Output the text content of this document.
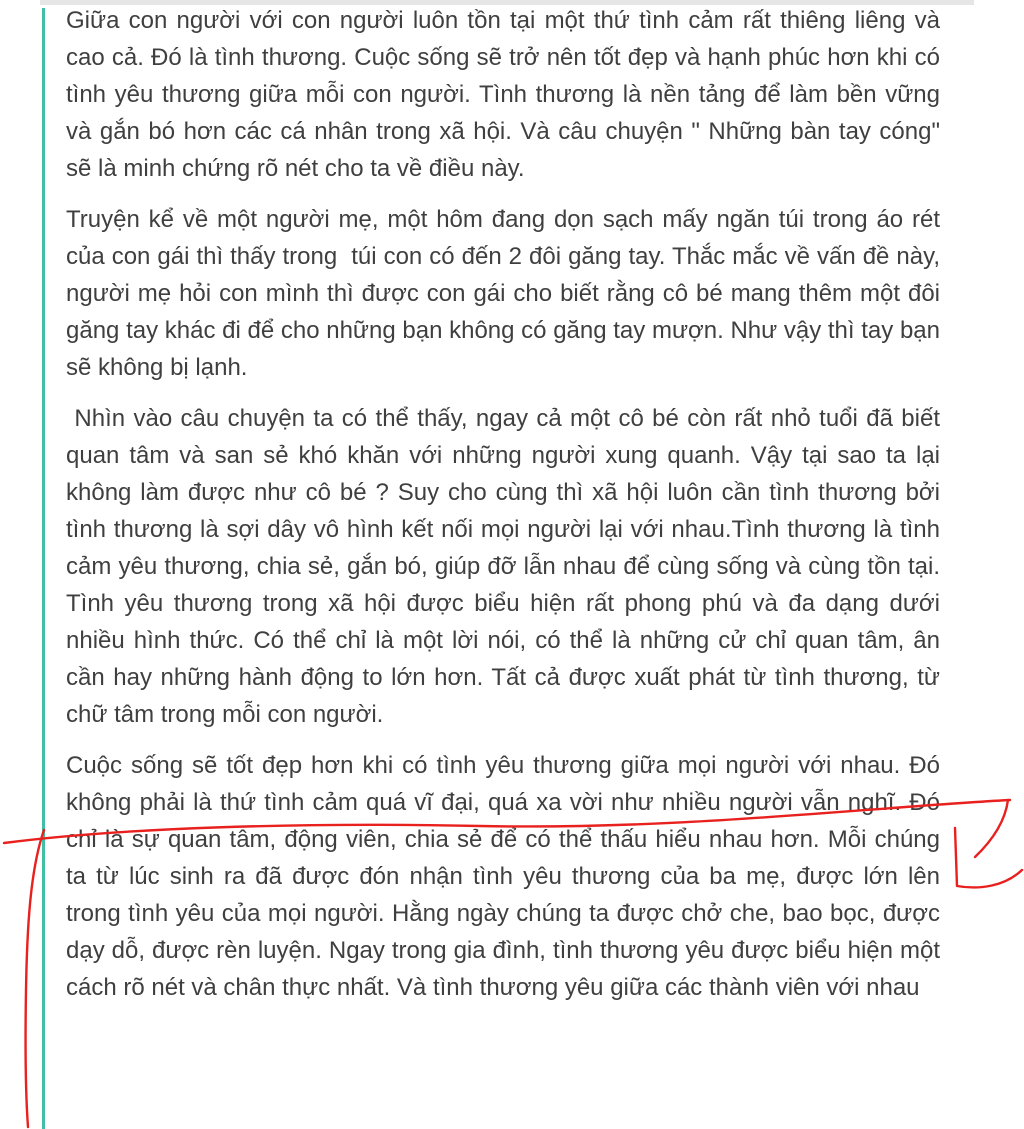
Giữa con người với con người luôn tồn tại một thứ tình cảm rất thiêng liêng và cao cả. Đó là tình thương. Cuộc sống sẽ trở nên tốt đẹp và hạnh phúc hơn khi có tình yêu thương giữa mỗi con người. Tình thương là nền tảng để làm bền vững và gắn bó hơn các cá nhân trong xã hội. Và câu chuyện " Những bàn tay cóng" sẽ là minh chứng rõ nét cho ta về điều này.

Truyện kể về một người mẹ, một hôm đang dọn sạch mấy ngăn túi trong áo rét của con gái thì thấy trong  túi con có đến 2 đôi găng tay. Thắc mắc về vấn đề này, người mẹ hỏi con mình thì được con gái cho biết rằng cô bé mang thêm một đôi găng tay khác đi để cho những bạn không có găng tay mượn. Như vậy thì tay bạn sẽ không bị lạnh.

Nhìn vào câu chuyện ta có thể thấy, ngay cả một cô bé còn rất nhỏ tuổi đã biết quan tâm và san sẻ khó khăn với những người xung quanh. Vậy tại sao ta lại không làm được như cô bé ? Suy cho cùng thì xã hội luôn cần tình thương bởi tình thương là sợi dây vô hình kết nối mọi người lại với nhau.Tình thương là tình cảm yêu thương, chia sẻ, gắn bó, giúp đỡ lẫn nhau để cùng sống và cùng tồn tại. Tình yêu thương trong xã hội được biểu hiện rất phong phú và đa dạng dưới nhiều hình thức. Có thể chỉ là một lời nói, có thể là những cử chỉ quan tâm, ân cần hay những hành động to lớn hơn. Tất cả được xuất phát từ tình thương, từ chữ tâm trong mỗi con người.

Cuộc sống sẽ tốt đẹp hơn khi có tình yêu thương giữa mọi người với nhau. Đó không phải là thứ tình cảm quá vĩ đại, quá xa vời như nhiều người vẫn nghĩ. Đó chỉ là sự quan tâm, động viên, chia sẻ để có thể thấu hiểu nhau hơn. Mỗi chúng ta từ lúc sinh ra đã được đón nhận tình yêu thương của ba mẹ, được lớn lên trong tình yêu của mọi người. Hằng ngày chúng ta được chở che, bao bọc, được dạy dỗ, được rèn luyện. Ngay trong gia đình, tình thương yêu được biểu hiện một cách rõ nét và chân thực nhất. Và tình thương yêu giữa các thành viên với nhau
